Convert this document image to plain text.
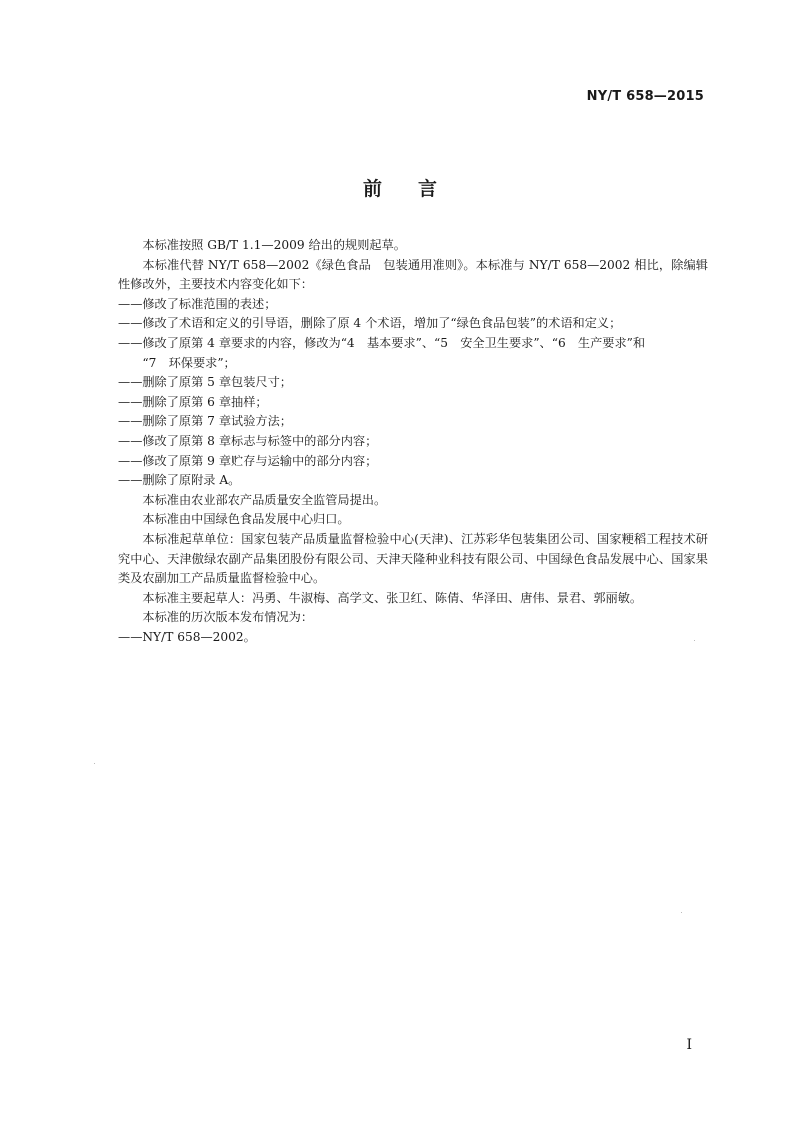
NY/T 658—2015
前言

本标准按照 GB/T 1.1—2009 给出的规则起草。

本标准代替 NY/T 658—2002《绿色食品　包装通用准则》。本标准与 NY/T 658—2002 相比，除编辑性修改外，主要技术内容变化如下：

——修改了标准范围的表述；

——修改了术语和定义的引导语，删除了原 4 个术语，增加了“绿色食品包装”的术语和定义；

——修改了原第 4 章要求的内容，修改为“4　基本要求”、“5　安全卫生要求”、“6　生产要求”和

“7　环保要求”；

——删除了原第 5 章包装尺寸；

——删除了原第 6 章抽样；

——删除了原第 7 章试验方法；

——修改了原第 8 章标志与标签中的部分内容；

——修改了原第 9 章贮存与运输中的部分内容；

——删除了原附录 A。

本标准由农业部农产品质量安全监管局提出。

本标准由中国绿色食品发展中心归口。

本标准起草单位：国家包装产品质量监督检验中心(天津)、江苏彩华包装集团公司、国家粳稻工程技术研究中心、天津傲绿农副产品集团股份有限公司、天津天隆种业科技有限公司、中国绿色食品发展中心、国家果类及农副加工产品质量监督检验中心。

本标准主要起草人：冯勇、牛淑梅、高学文、张卫红、陈倩、华泽田、唐伟、景君、郭丽敏。

本标准的历次版本发布情况为：

——NY/T 658—2002。

I
